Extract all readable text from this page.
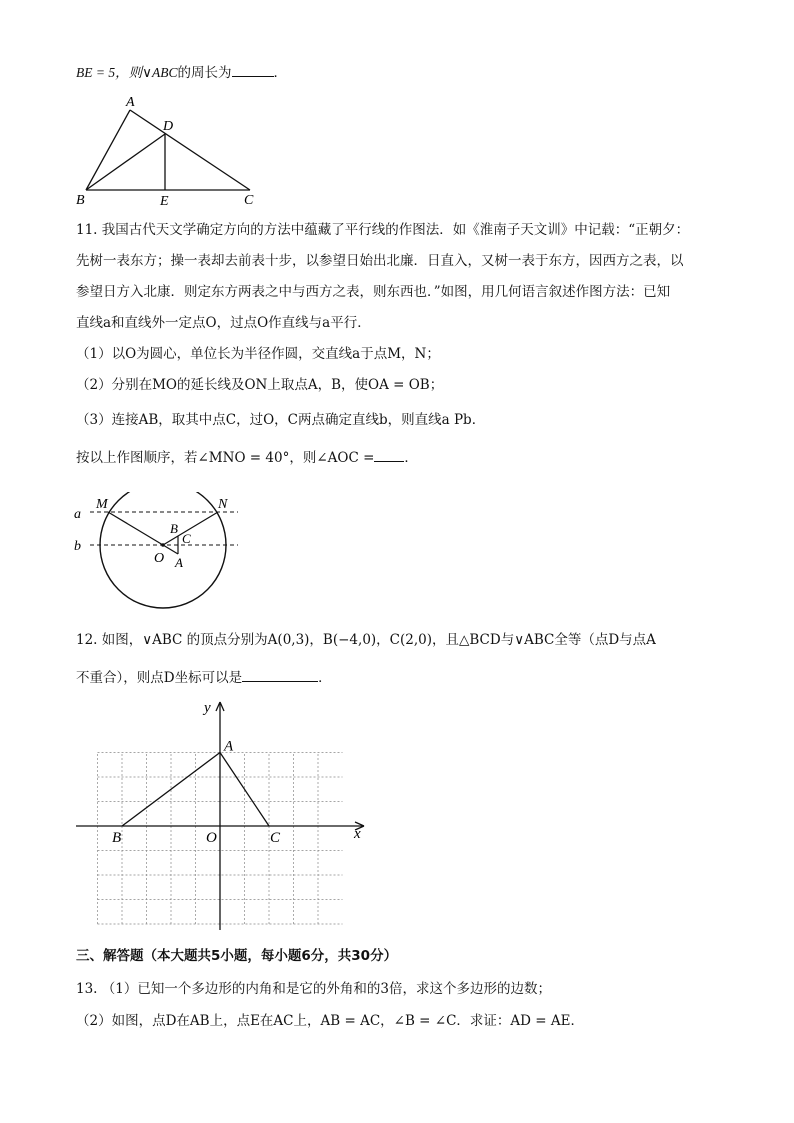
BE = 5，则∨ABC的周长为	．
A
D
B	E	C
11. 我国古代天文学确定方向的方法中蕴藏了平行线的作图法．如《淮南子天文训》中记载：“正朝夕：
先树一表东方；操一表却去前表十步，以参望日始出北廉．日直入，又树一表于东方，因西方之表，以
参望日方入北康．则定东方两表之中与西方之表，则东西也．”如图，用几何语言叙述作图方法：已知
直线a和直线外一定点O，过点O作直线与a平行．
（1）以O为圆心，单位长为半径作圆，交直线a于点M，N；
（2）分别在MO的延长线及ON上取点A，B，使OA = OB；
（3）连接AB，取其中点C，过O，C两点确定直线b，则直线a Pb．
按以上作图顺序，若∠MNO = 40°，则∠AOC = ．
a
b
M	N
B
C
O A
12. 如图，∨ABC 的顶点分别为A(0,3)，B(−4,0)，C(2,0)，且△BCD与∨ABC全等（点D与点A
不重合），则点D坐标可以是	．
y
A
B	O	C	x
三、解答题（本大题共5小题，每小题6分，共30分）
13. （1）已知一个多边形的内角和是它的外角和的3倍，求这个多边形的边数；
（2）如图，点D在AB上，点E在AC上，AB = AC，∠B = ∠C．求证：AD = AE．
